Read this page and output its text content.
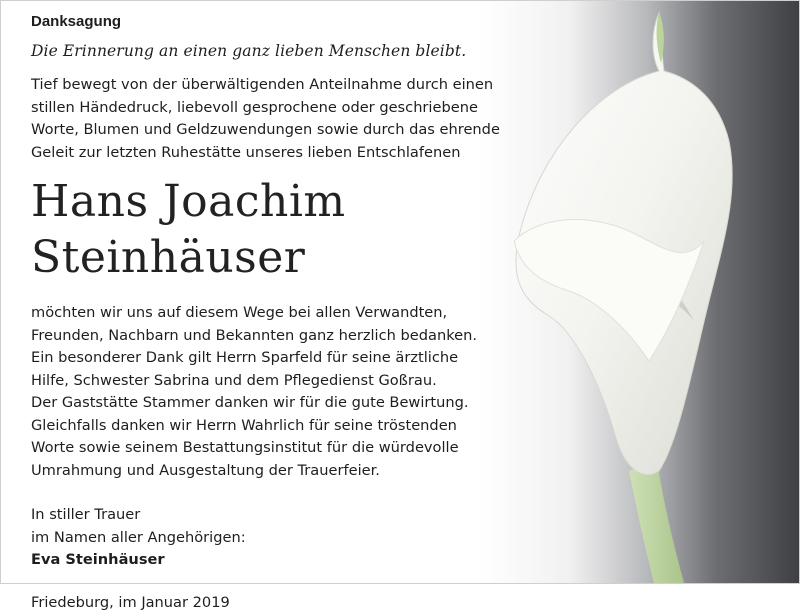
Danksagung
Die Erinnerung an einen ganz lieben Menschen bleibt.

Tief bewegt von der überwältigenden Anteilnahme durch einen
stillen Händedruck, liebevoll gesprochene oder geschriebene
Worte, Blumen und Geldzuwendungen sowie durch das ehrende
Geleit zur letzten Ruhestätte unseres lieben Entschlafenen

Hans Joachim
Steinhäuser

möchten wir uns auf diesem Wege bei allen Verwandten,
Freunden, Nachbarn und Bekannten ganz herzlich bedanken.
Ein besonderer Dank gilt Herrn Sparfeld für seine ärztliche
Hilfe, Schwester Sabrina und dem Pflegedienst Goßrau.
Der Gaststätte Stammer danken wir für die gute Bewirtung.
Gleichfalls danken wir Herrn Wahrlich für seine tröstenden
Worte sowie seinem Bestattungsinstitut für die würdevolle
Umrahmung und Ausgestaltung der Trauerfeier.

In stiller Trauer
im Namen aller Angehörigen:

Eva Steinhäuser

Friedeburg, im Januar 2019
